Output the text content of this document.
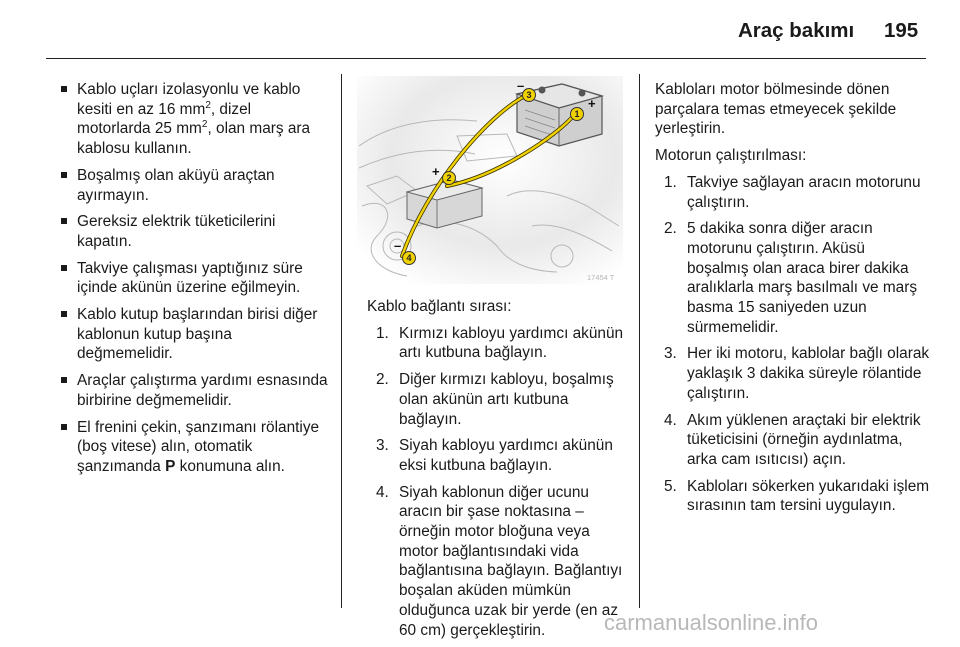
Araç bakımı 195
Kablo uçları izolasyonlu ve kablo kesiti en az 16 $mm^2$, dizel motorlarda 25 $mm^2$, olan marş ara kablosu kullanın.
Boşalmış olan aküyü araçtan ayırmayın.
Gereksiz elektrik tüketicilerini kapatın.
Takviye çalışması yaptığınız süre içinde akünün üzerine eğilmeyin.
Kablo kutup başlarından birisi diğer kablonun kutup başına değmemelidir.
Araçlar çalıştırma yardımı esnasında birbirine değmemelidir.
El frenini çekin, şanzımanı rölantiye (boş vitese) alın, otomatik şanzımanda P konumuna alın.
1
2
3
4
+
–
+
–
17454 T

Kablo bağlantı sırası:

1. Kırmızı kabloyu yardımcı akünün artı kutbuna bağlayın.
2. Diğer kırmızı kabloyu, boşalmış olan akünün artı kutbuna bağlayın.
3. Siyah kabloyu yardımcı akünün eksi kutbuna bağlayın.
4. Siyah kablonun diğer ucunu aracın bir şase noktasına – örneğin motor bloğuna veya motor bağlantısındaki vida bağlantısına bağlayın. Bağlantıyı boşalan aküden mümkün olduğunca uzak bir yerde (en az 60 cm) gerçekleştirin.

Kabloları motor bölmesinde dönen parçalara temas etmeyecek şekilde yerleştirin.

Motorun çalıştırılması:

1. Takviye sağlayan aracın motorunu çalıştırın.
2. 5 dakika sonra diğer aracın motorunu çalıştırın. Aküsü boşalmış olan araca birer dakika aralıklarla marş basılmalı ve marş basma 15 saniyeden uzun sürmemelidir.
3. Her iki motoru, kablolar bağlı olarak yaklaşık 3 dakika süreyle rölantide çalıştırın.
4. Akım yüklenen araçtaki bir elektrik tüketicisini (örneğin aydınlatma, arka cam ısıtıcısı) açın.
5. Kabloları sökerken yukarıdaki işlem sırasının tam tersini uygulayın.
carmanualsonline.info
